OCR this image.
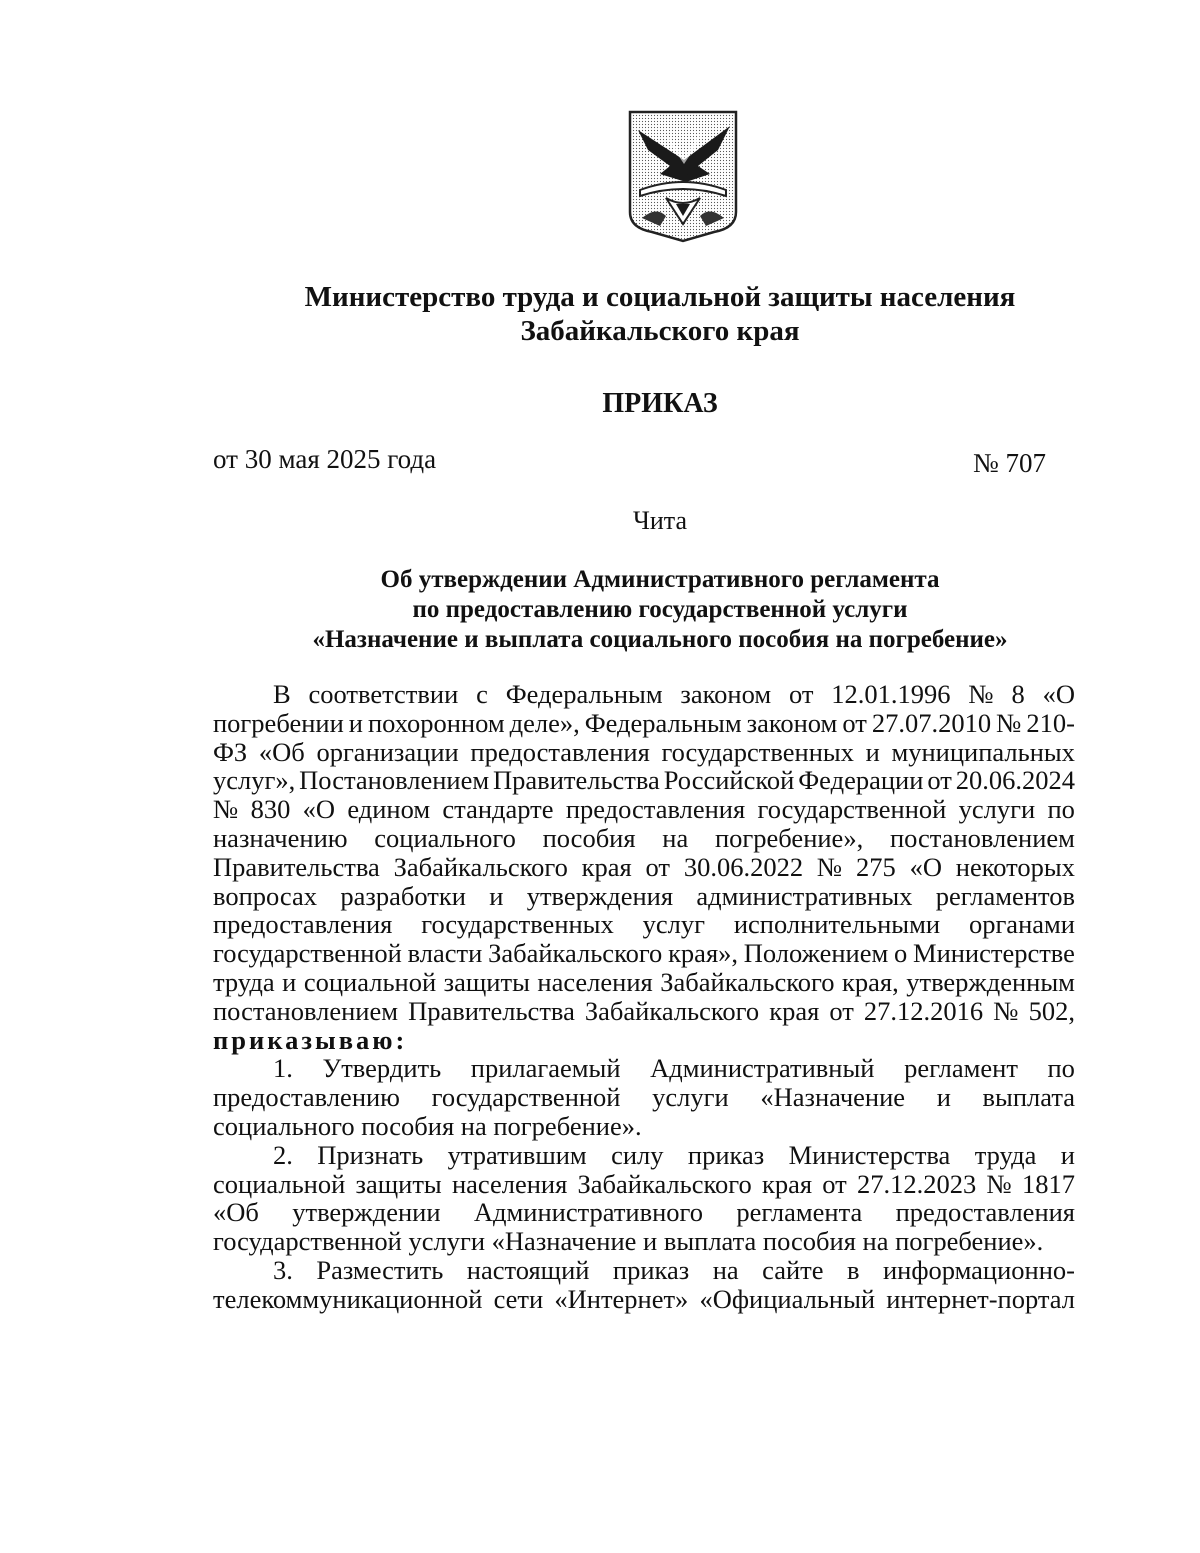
Министерство труда и социальной защиты населения
Забайкальского края
ПРИКАЗ
от 30 мая 2025 года	№ 707
Чита
Об утверждении Административного регламента
по предоставлению государственной услуги
«Назначение и выплата социального пособия на погребение»
В соответствии с Федеральным законом от 12.01.1996 № 8 «О
погребении и похоронном деле», Федеральным законом от 27.07.2010 № 210-
ФЗ «Об организации предоставления государственных и муниципальных
услуг», Постановлением Правительства Российской Федерации от 20.06.2024
№ 830 «О едином стандарте предоставления государственной услуги по
назначению социального пособия на погребение», постановлением
Правительства Забайкальского края от 30.06.2022 № 275 «О некоторых
вопросах разработки и утверждения административных регламентов
предоставления государственных услуг исполнительными органами
государственной власти Забайкальского края», Положением о Министерстве
труда и социальной защиты населения Забайкальского края, утвержденным
постановлением Правительства Забайкальского края от 27.12.2016 № 502,
приказываю:
1. Утвердить прилагаемый Административный регламент по
предоставлению государственной услуги «Назначение и выплата
социального пособия на погребение».
2. Признать утратившим силу приказ Министерства труда и
социальной защиты населения Забайкальского края от 27.12.2023 № 1817
«Об утверждении Административного регламента предоставления
государственной услуги «Назначение и выплата пособия на погребение».
3. Разместить настоящий приказ на сайте в информационно-
телекоммуникационной сети «Интернет» «Официальный интернет-портал
